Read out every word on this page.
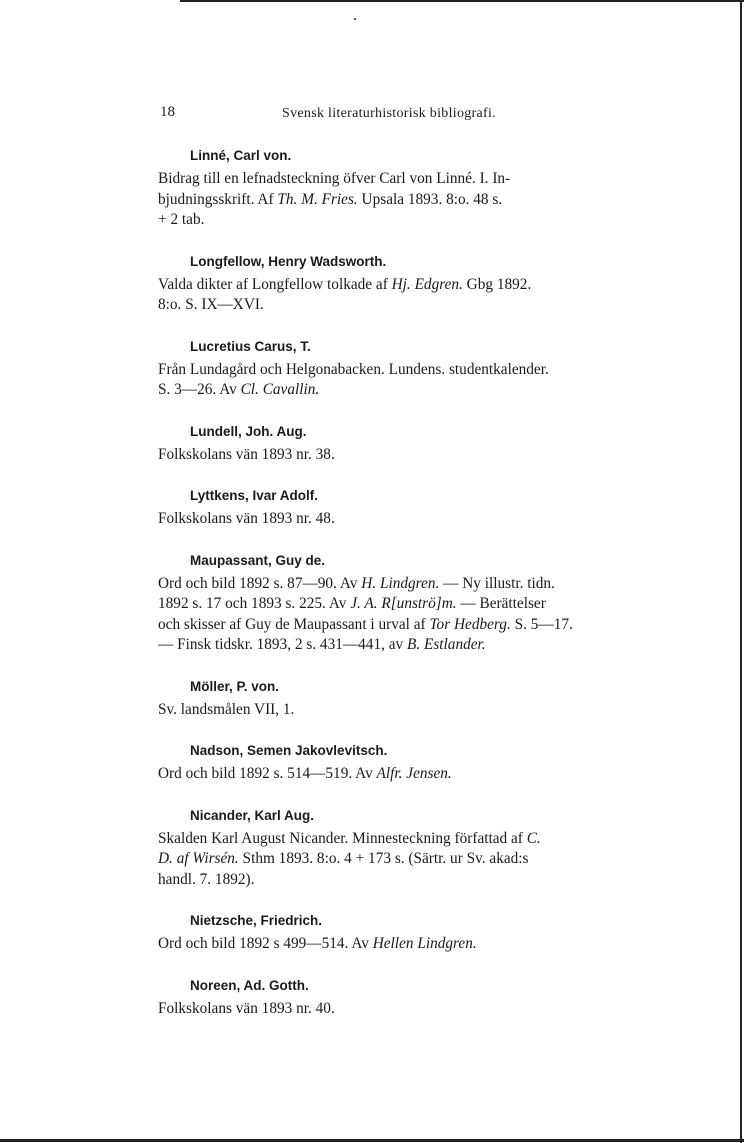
18	Svensk literaturhistorisk bibliografi.
Linné, Carl von.
Bidrag till en lefnadsteckning öfver Carl von Linné. I. In-
bjudningsskrift. Af Th. M. Fries. Upsala 1893. 8:o. 48 s.
+ 2 tab.
Longfellow, Henry Wadsworth.
Valda dikter af Longfellow tolkade af Hj. Edgren. Gbg 1892.
8:o. S. IX—XVI.
Lucretius Carus, T.
Från Lundagård och Helgonabacken. Lundens. studentkalender.
S. 3—26. Av Cl. Cavallin.
Lundell, Joh. Aug.
Folkskolans vän 1893 nr. 38.
Lyttkens, Ivar Adolf.
Folkskolans vän 1893 nr. 48.
Maupassant, Guy de.
Ord och bild 1892 s. 87—90. Av H. Lindgren. — Ny illustr. tidn.
1892 s. 17 och 1893 s. 225. Av J. A. R[unströ]m. — Berättelser
och skisser af Guy de Maupassant i urval af Tor Hedberg. S. 5—17.
— Finsk tidskr. 1893, 2 s. 431—441, av B. Estlander.
Möller, P. von.
Sv. landsmålen VII, 1.
Nadson, Semen Jakovlevitsch.
Ord och bild 1892 s. 514—519. Av Alfr. Jensen.
Nicander, Karl Aug.
Skalden Karl August Nicander. Minnesteckning författad af C.
D. af Wirsén. Sthm 1893. 8:o. 4 + 173 s. (Särtr. ur Sv. akad:s
handl. 7. 1892).
Nietzsche, Friedrich.
Ord och bild 1892 s 499—514. Av Hellen Lindgren.
Noreen, Ad. Gotth.
Folkskolans vän 1893 nr. 40.
